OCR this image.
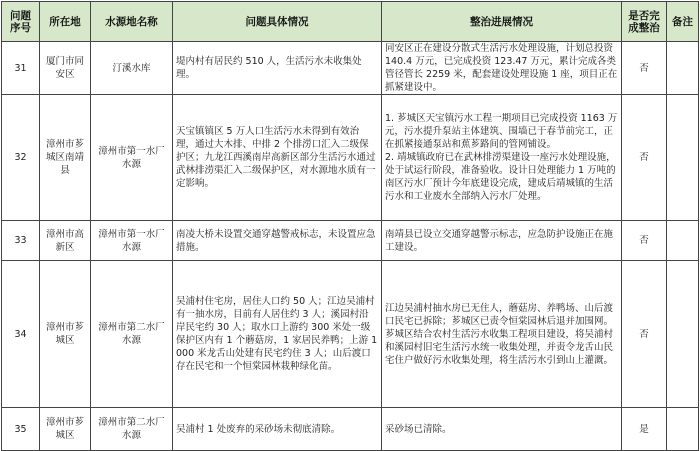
问题序号	所在地	水源地名称	问题具体情况	整治进展情况	是否完成整治	备注
31	厦门市同安区	汀溪水库	堤内村有居民约 510 人，生活污水未收集处理。	同安区正在建设分散式生活污水处理设施，计划总投资 140.4 万元，已完成投资 123.47 万元，累计完成各类管径管长 2259 米，配套建设处理设施 1 座，项目正在抓紧建设中。	否	
32	漳州市芗城区南靖县	漳州市第一水厂水源	天宝镇镇区 5 万人口生活污水未得到有效治理，通过大木排、中排 2 个排涝口汇入二级保护区；九龙江西溪南岸高新区部分生活污水通过武林排涝渠汇入二级保护区，对水源地水质有一定影响。	1. 芗城区天宝镇污水工程一期项目已完成投资 1163 万元，污水提升泵站主体建筑、围墙已于春节前完工，正在抓紧接通泵站和蕉芗路间的管网铺设。
2. 靖城镇政府已在武林排涝渠建设一座污水处理设施，处于试运行阶段，准备验收。设计日处理能力 1 万吨的南区污水厂预计今年底建设完成，建成后靖城镇的生活污水和工业废水全部纳入污水厂处理。	否	
33	漳州市高新区	漳州市第一水厂水源	南凌大桥未设置交通穿越警戒标志，未设置应急措施。	南靖县已设立交通穿越警示标志，应急防护设施正在施工建设。	否	
34	漳州市芗城区	漳州市第二水厂水源	吴浦村住宅房，居住人口约 50 人；江边吴浦村有一抽水房，目前有人居住约 3 人；溪园村沿岸民宅约 30 人；取水口上游约 300 米处一级保护区内有 1 个蘑菇房，1 家居民养鸭；上游 1000 米龙舌山处建有民宅约住 3 人；山后渡口存在民宅和一个恒棠园林栽种绿化苗。	江边吴浦村抽水房已无住人，蘑菇房、养鸭场、山后渡口民宅已拆除；芗城区已责令恒棠园林后退并加围网。芗城区结合农村生活污水收集工程项目建设，将吴浦村和溪园村旧宅生活污水统一收集处理，并责令龙舌山民宅住户做好污水收集处理，将生活污水引到山上灌溉。	否	
35	漳州市芗城区	漳州市第二水厂水源	吴浦村 1 处废弃的采砂场未彻底清除。	采砂场已清除。	是	
